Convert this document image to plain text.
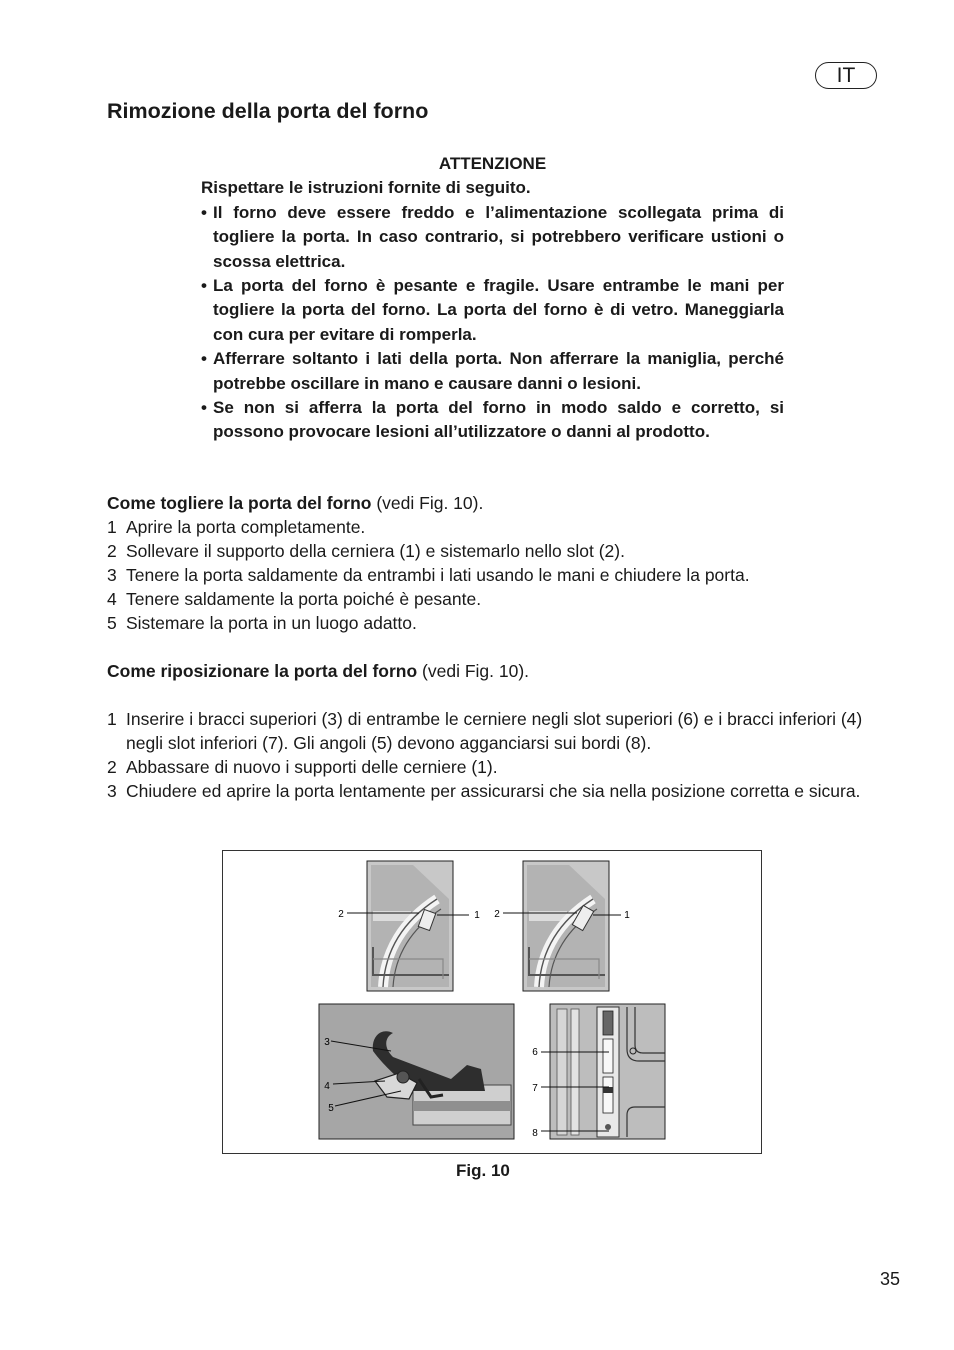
IT
Rimozione della porta del forno
ATTENZIONE

Rispettare le istruzioni fornite di seguito.

• Il forno deve essere freddo e l’alimentazione scollegata prima di togliere la porta. In caso contrario, si potrebbero verificare ustioni o scossa elettrica.
• La porta del forno è pesante e fragile. Usare entrambe le mani per togliere la porta del forno. La porta del forno è di vetro. Maneggiarla con cura per evitare di romperla.
• Afferrare soltanto i lati della porta. Non afferrare la maniglia, perché potrebbe oscillare in mano e causare danni o lesioni.
• Se non si afferra la porta del forno in modo saldo e corretto, si possono provocare lesioni all’utilizzatore o danni al prodotto.
Come togliere la porta del forno (vedi Fig. 10).
1 Aprire la porta completamente.
2 Sollevare il supporto della cerniera (1) e sistemarlo nello slot (2).
3 Tenere la porta saldamente da entrambi i lati usando le mani e chiudere la porta.
4 Tenere saldamente la porta poiché è pesante.
5 Sistemare la porta in un luogo adatto.
Come riposizionare la porta del forno (vedi Fig. 10).
1 Inserire i bracci superiori (3) di entrambe le cerniere negli slot superiori (6) e i bracci inferiori (4) negli slot inferiori (7). Gli angoli (5) devono agganciarsi sui bordi (8).
2 Abbassare di nuovo i supporti delle cerniere (1).
3 Chiudere ed aprire la porta lentamente per assicurarsi che sia nella posizione corretta e sicura.
2	1 2	1
3
4
5
6
7
8
Fig. 10
35
